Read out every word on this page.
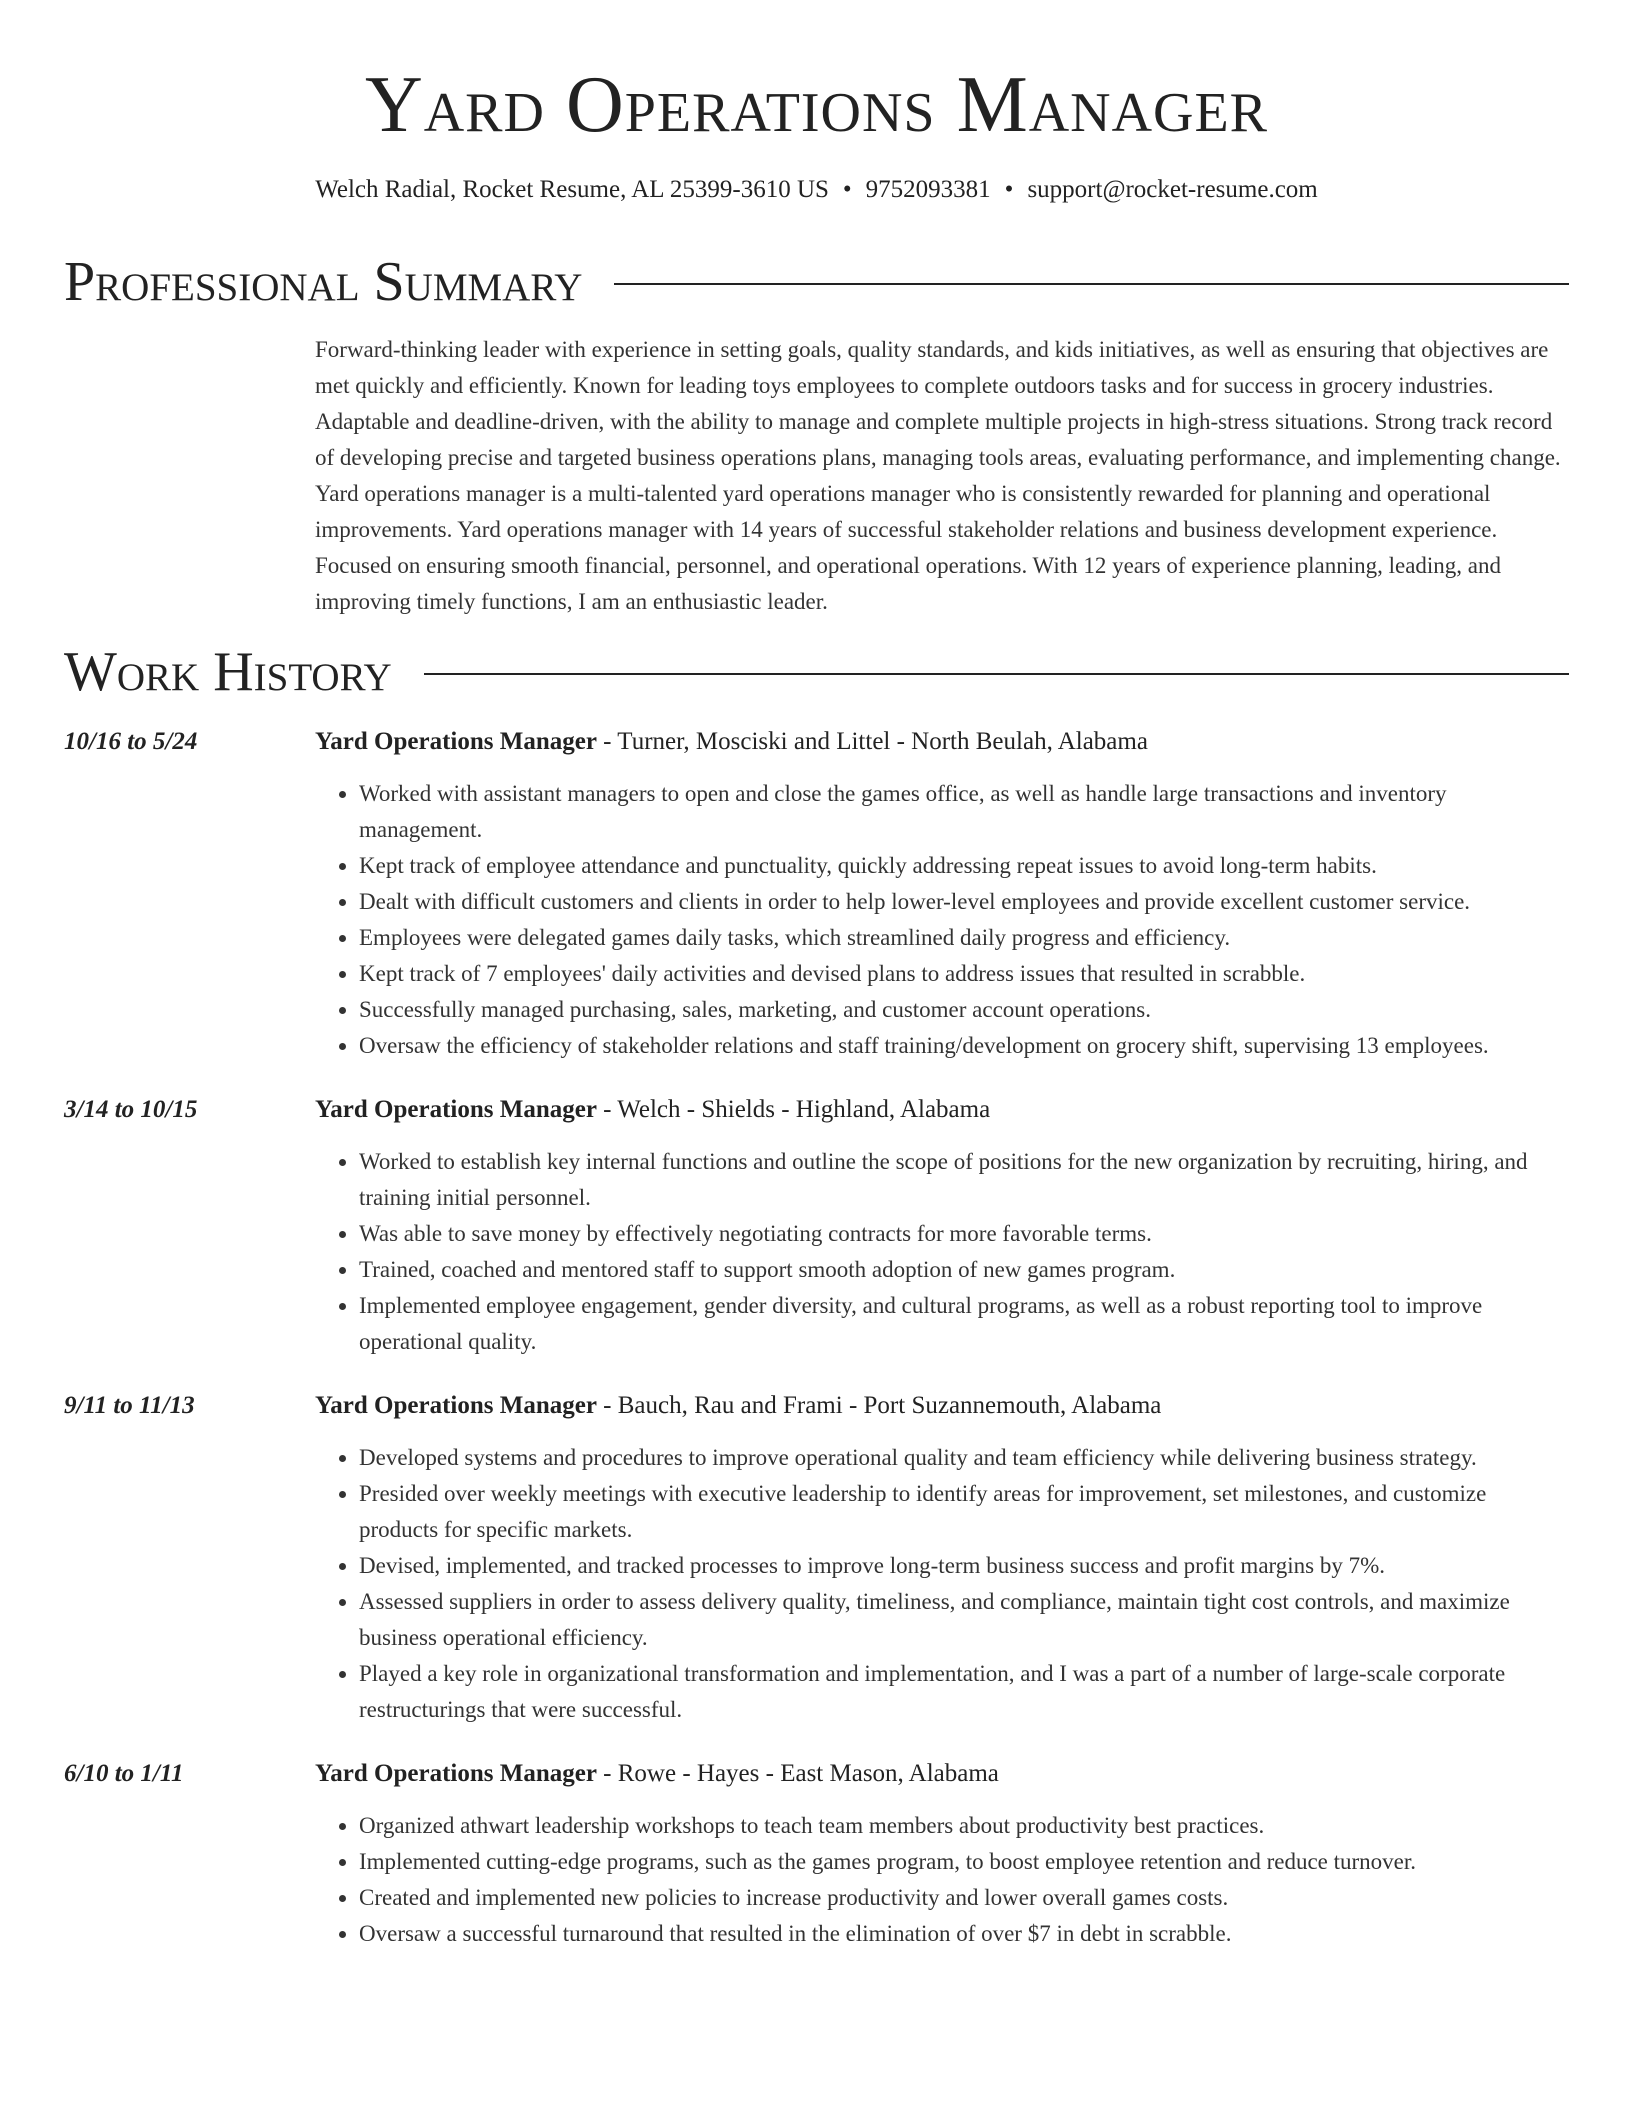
Yard Operations Manager
Welch Radial, Rocket Resume, AL 25399-3610 US • 9752093381 • support@rocket-resume.com
Professional Summary
Forward-thinking leader with experience in setting goals, quality standards, and kids initiatives, as well as ensuring that objectives are met quickly and efficiently. Known for leading toys employees to complete outdoors tasks and for success in grocery industries. Adaptable and deadline-driven, with the ability to manage and complete multiple projects in high-stress situations. Strong track record of developing precise and targeted business operations plans, managing tools areas, evaluating performance, and implementing change. Yard operations manager is a multi-talented yard operations manager who is consistently rewarded for planning and operational improvements. Yard operations manager with 14 years of successful stakeholder relations and business development experience. Focused on ensuring smooth financial, personnel, and operational operations. With 12 years of experience planning, leading, and improving timely functions, I am an enthusiastic leader.
Work History
10/16 to 5/24	Yard Operations Manager - Turner, Mosciski and Littel - North Beulah, Alabama
• Worked with assistant managers to open and close the games office, as well as handle large transactions and inventory management.
• Kept track of employee attendance and punctuality, quickly addressing repeat issues to avoid long-term habits.
• Dealt with difficult customers and clients in order to help lower-level employees and provide excellent customer service.
• Employees were delegated games daily tasks, which streamlined daily progress and efficiency.
• Kept track of 7 employees' daily activities and devised plans to address issues that resulted in scrabble.
• Successfully managed purchasing, sales, marketing, and customer account operations.
• Oversaw the efficiency of stakeholder relations and staff training/development on grocery shift, supervising 13 employees.
3/14 to 10/15	Yard Operations Manager - Welch - Shields - Highland, Alabama
• Worked to establish key internal functions and outline the scope of positions for the new organization by recruiting, hiring, and training initial personnel.
• Was able to save money by effectively negotiating contracts for more favorable terms.
• Trained, coached and mentored staff to support smooth adoption of new games program.
• Implemented employee engagement, gender diversity, and cultural programs, as well as a robust reporting tool to improve operational quality.
9/11 to 11/13	Yard Operations Manager - Bauch, Rau and Frami - Port Suzannemouth, Alabama
• Developed systems and procedures to improve operational quality and team efficiency while delivering business strategy.
• Presided over weekly meetings with executive leadership to identify areas for improvement, set milestones, and customize products for specific markets.
• Devised, implemented, and tracked processes to improve long-term business success and profit margins by 7%.
• Assessed suppliers in order to assess delivery quality, timeliness, and compliance, maintain tight cost controls, and maximize business operational efficiency.
• Played a key role in organizational transformation and implementation, and I was a part of a number of large-scale corporate restructurings that were successful.
6/10 to 1/11	Yard Operations Manager - Rowe - Hayes - East Mason, Alabama
• Organized athwart leadership workshops to teach team members about productivity best practices.
• Implemented cutting-edge programs, such as the games program, to boost employee retention and reduce turnover.
• Created and implemented new policies to increase productivity and lower overall games costs.
• Oversaw a successful turnaround that resulted in the elimination of over $7 in debt in scrabble.
